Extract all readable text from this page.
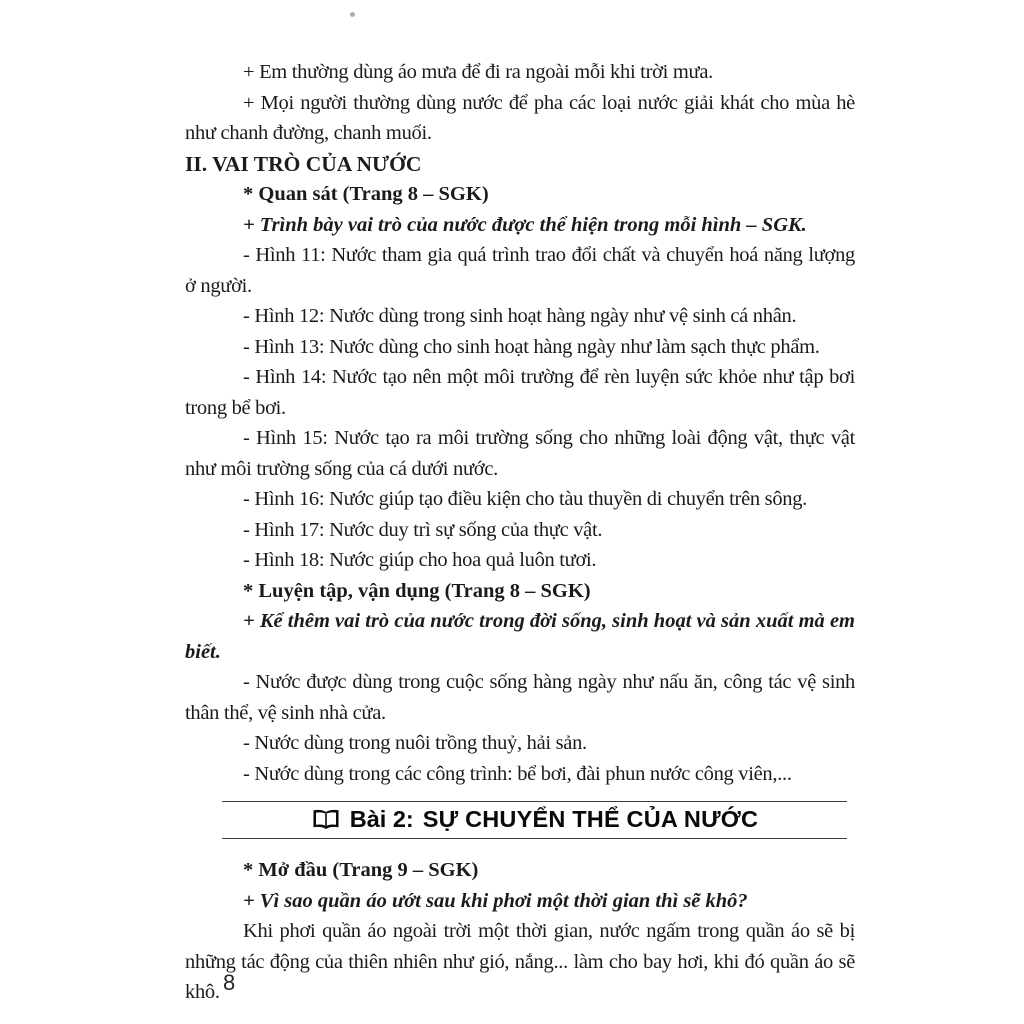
+ Em thường dùng áo mưa để đi ra ngoài mỗi khi trời mưa.

+ Mọi người thường dùng nước để pha các loại nước giải khát cho mùa hè như chanh đường, chanh muối.

II. VAI TRÒ CỦA NƯỚC

* Quan sát (Trang 8 – SGK)

+ Trình bày vai trò của nước được thể hiện trong mỗi hình – SGK.

- Hình 11: Nước tham gia quá trình trao đổi chất và chuyển hoá năng lượng ở người.

- Hình 12: Nước dùng trong sinh hoạt hàng ngày như vệ sinh cá nhân.

- Hình 13: Nước dùng cho sinh hoạt hàng ngày như làm sạch thực phẩm.

- Hình 14: Nước tạo nên một môi trường để rèn luyện sức khỏe như tập bơi trong bể bơi.

- Hình 15: Nước tạo ra môi trường sống cho những loài động vật, thực vật như môi trường sống của cá dưới nước.

- Hình 16: Nước giúp tạo điều kiện cho tàu thuyền di chuyển trên sông.

- Hình 17: Nước duy trì sự sống của thực vật.

- Hình 18: Nước giúp cho hoa quả luôn tươi.

* Luyện tập, vận dụng (Trang 8 – SGK)

+ Kể thêm vai trò của nước trong đời sống, sinh hoạt và sản xuất mà em biết.

- Nước được dùng trong cuộc sống hàng ngày như nấu ăn, công tác vệ sinh thân thể, vệ sinh nhà cửa.

- Nước dùng trong nuôi trồng thuỷ, hải sản.

- Nước dùng trong các công trình: bể bơi, đài phun nước công viên,...

Bài 2: SỰ CHUYỂN THỂ CỦA NƯỚC

* Mở đầu (Trang 9 – SGK)

+ Vì sao quần áo ướt sau khi phơi một thời gian thì sẽ khô?

Khi phơi quần áo ngoài trời một thời gian, nước ngấm trong quần áo sẽ bị những tác động của thiên nhiên như gió, nắng... làm cho bay hơi, khi đó quần áo sẽ khô. 8
